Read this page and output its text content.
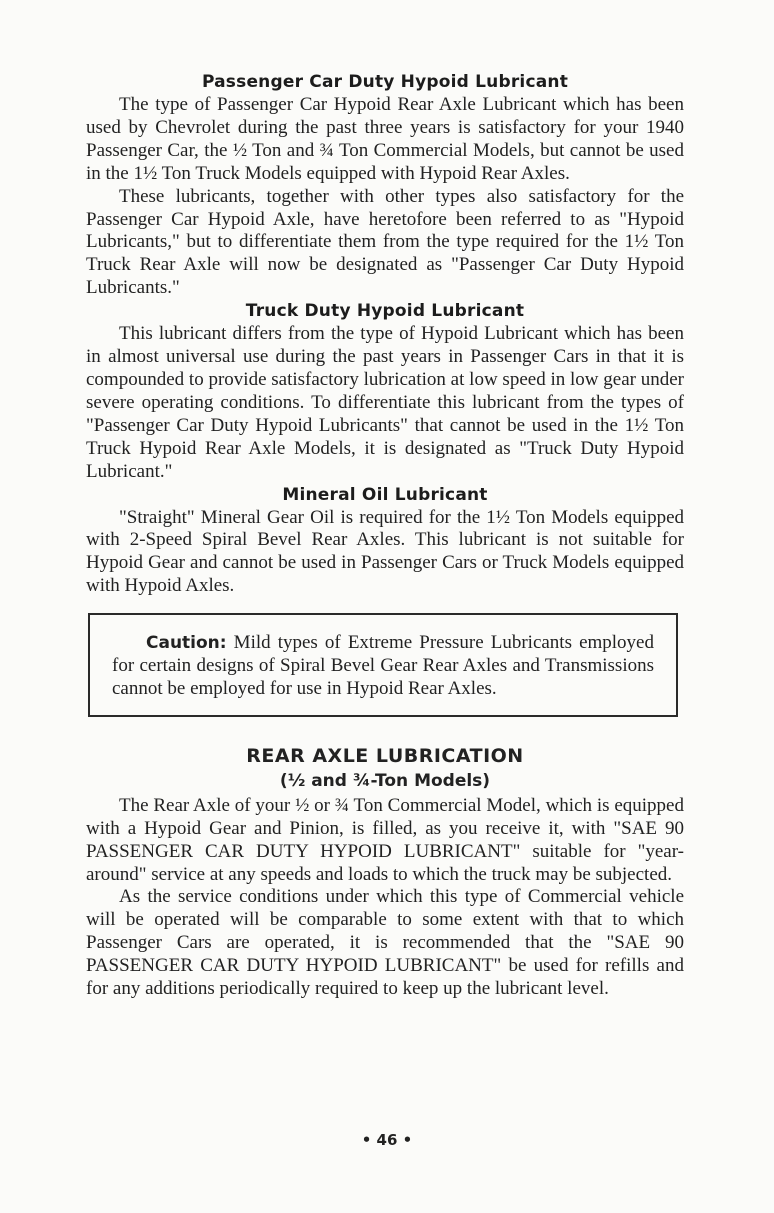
Passenger Car Duty Hypoid Lubricant

The type of Passenger Car Hypoid Rear Axle Lubricant which has been used by Chevrolet during the past three years is satisfactory for your 1940 Passenger Car, the ½ Ton and ¾ Ton Commercial Models, but cannot be used in the 1½ Ton Truck Models equipped with Hypoid Rear Axles.

These lubricants, together with other types also satisfactory for the Passenger Car Hypoid Axle, have heretofore been referred to as "Hypoid Lubricants," but to differentiate them from the type required for the 1½ Ton Truck Rear Axle will now be designated as "Passenger Car Duty Hypoid Lubricants."

Truck Duty Hypoid Lubricant

This lubricant differs from the type of Hypoid Lubricant which has been in almost universal use during the past years in Passenger Cars in that it is compounded to provide satisfactory lubrication at low speed in low gear under severe operating conditions. To differentiate this lubricant from the types of "Passenger Car Duty Hypoid Lubricants" that cannot be used in the 1½ Ton Truck Hypoid Rear Axle Models, it is designated as "Truck Duty Hypoid Lubricant."

Mineral Oil Lubricant

"Straight" Mineral Gear Oil is required for the 1½ Ton Models equipped with 2-Speed Spiral Bevel Rear Axles. This lubricant is not suitable for Hypoid Gear and cannot be used in Passenger Cars or Truck Models equipped with Hypoid Axles.

Caution: Mild types of Extreme Pressure Lubricants employed for certain designs of Spiral Bevel Gear Rear Axles and Transmissions cannot be employed for use in Hypoid Rear Axles.

REAR AXLE LUBRICATION
(½ and ¾-Ton Models)

The Rear Axle of your ½ or ¾ Ton Commercial Model, which is equipped with a Hypoid Gear and Pinion, is filled, as you receive it, with "SAE 90 PASSENGER CAR DUTY HYPOID LUBRICANT" suitable for "year-around" service at any speeds and loads to which the truck may be subjected.

As the service conditions under which this type of Commercial vehicle will be operated will be comparable to some extent with that to which Passenger Cars are operated, it is recommended that the "SAE 90 PASSENGER CAR DUTY HYPOID LUBRICANT" be used for refills and for any additions periodically required to keep up the lubricant level.

• 46 •
